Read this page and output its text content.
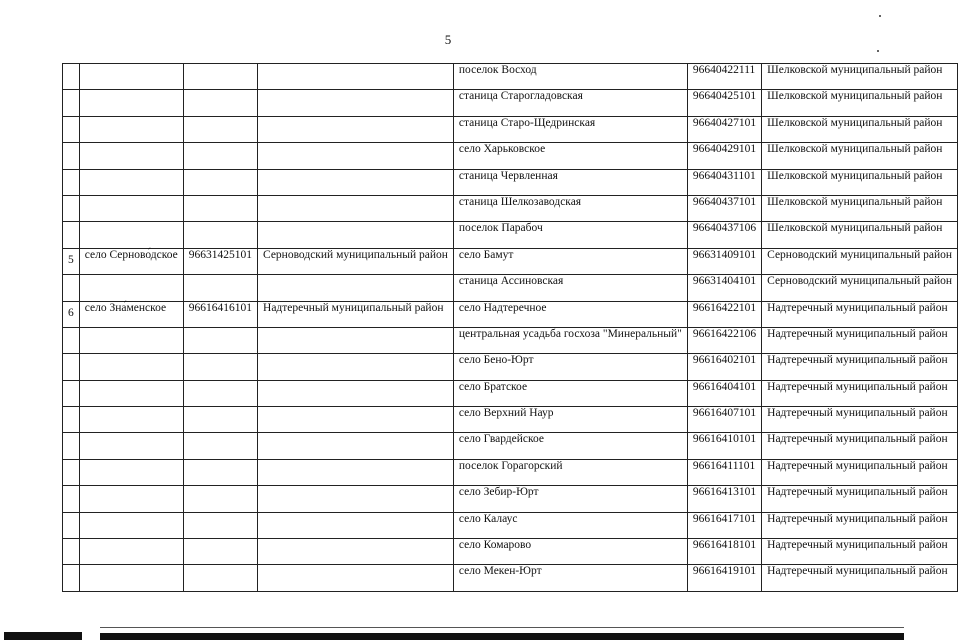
5
				поселок Восход	96640422111	Шелковской муниципальный район

				станица Старогладовская	96640425101	Шелковской муниципальный район

				станица Старо-Щедринская	96640427101	Шелковской муниципальный район

				село Харьковское	96640429101	Шелковской муниципальный район

				станица Червленная	96640431101	Шелковской муниципальный район

				станица Шелкозаводская	96640437101	Шелковской муниципальный район

				поселок Парабоч	96640437106	Шелковской муниципальный район

5	село Серново́дское	96631425101	Серноводский муниципальный район	село Бамут	96631409101	Серноводский муниципальный район

				станица Ассиновская	96631404101	Серноводский муниципальный район

6	село Зна́менское	96616416101	Надтеречный муниципальный район	село Надтеречное	96616422101	Надтеречный муниципальный район

				центральная усадьба госхоза "Минеральный"	96616422106	Надтеречный муниципальный район

				село Бено-Юрт	96616402101	Надтеречный муниципальный район

				село Братское	96616404101	Надтеречный муниципальный район

				село Верхний Наур	96616407101	Надтеречный муниципальный район

				село Гвардейское	96616410101	Надтеречный муниципальный район

				поселок Горагорский	96616411101	Надтеречный муниципальный район

				село Зебир-Юрт	96616413101	Надтеречный муниципальный район

				село Калаус	96616417101	Надтеречный муниципальный район

				село Комарово	96616418101	Надтеречный муниципальный район

				село Мекен-Юрт	96616419101	Надтеречный муниципальный район
